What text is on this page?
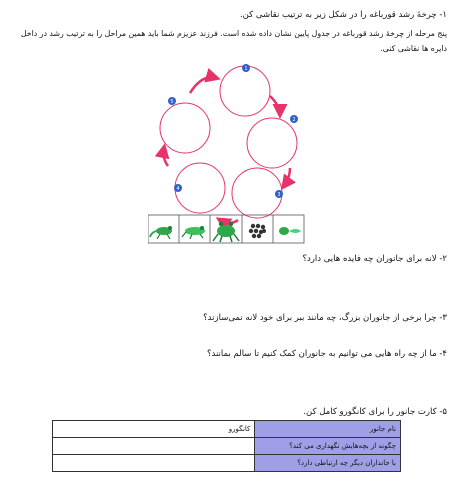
۱- چرخهٔ رشد قورباغه را در شکل زیر به ترتیب نقاشی کن.
پنج مرحله از چرخهٔ رشد قورباغه در جدول پایین نشان داده شده است. فرزند عزیزم شما باید همین مراحل را به ترتیب رشد در داخل دایره ها نقاشی کنی.
1
2
3
4
5
۲- لانه برای جانوران چه فایده هایی دارد؟
۳- چرا برخی از جانوران بزرگ، چه مانند ببر برای خود لانه نمی‌سازند؟
۴- ما از چه راه هایی می توانیم به جانوران کمک کنیم تا سالم بمانند؟
۵- کارت جانور را برای کانگورو کامل کن.
نام جانور	کانگورو
چگونه از بچه‌هایش نگهداری می کند؟	
با جانداران دیگر چه ارتباطی دارد؟	
